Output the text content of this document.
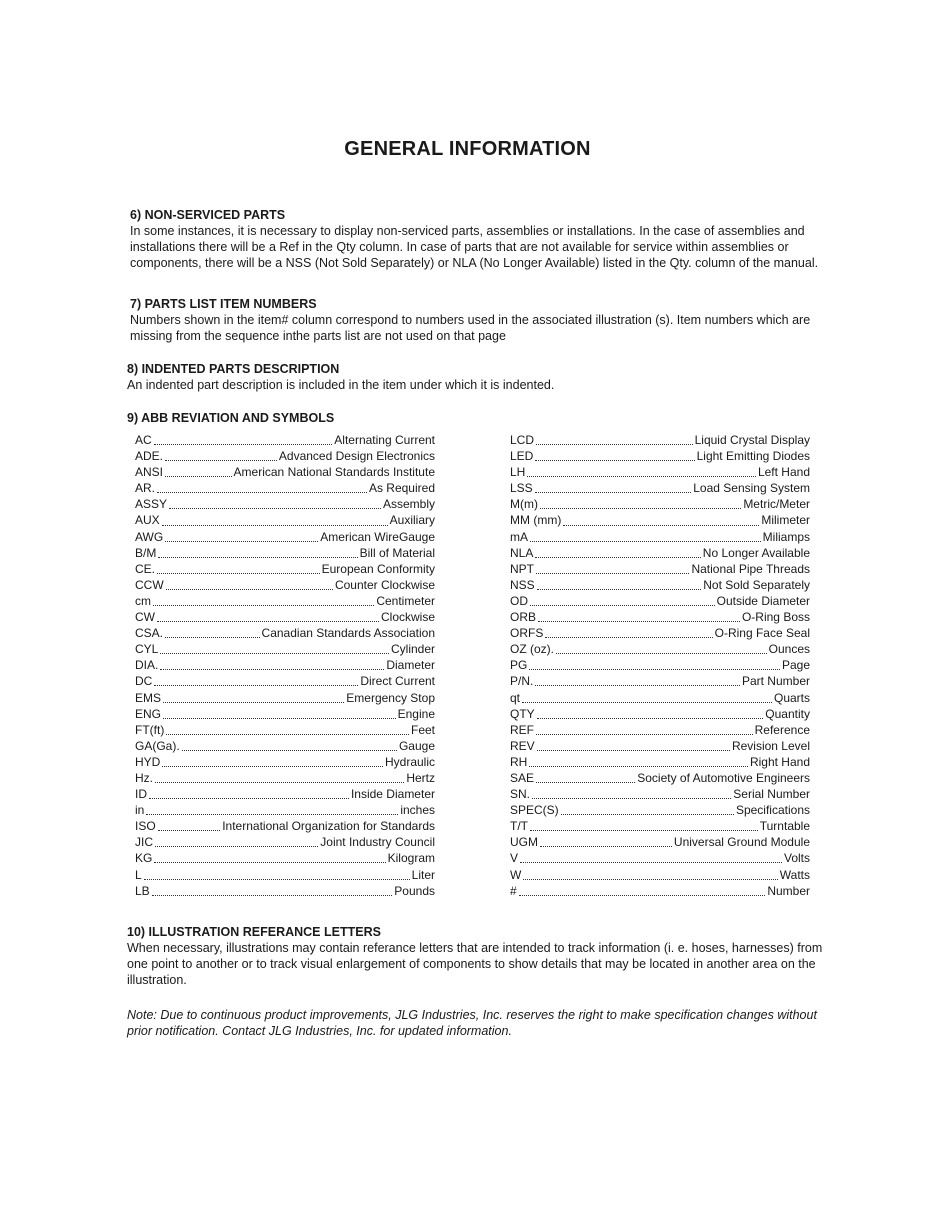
GENERAL INFORMATION
6) NON-SERVICED PARTS

In some instances, it is necessary to display non-serviced parts, assemblies or installations. In the case of assemblies and installations there will be a Ref in the Qty column. In case of parts that are not available for service within assemblies or components, there will be a NSS (Not Sold Separately) or NLA (No Longer Available) listed in the Qty. column of the manual.

7) PARTS LIST ITEM NUMBERS

Numbers shown in the item# column correspond to numbers used in the associated illustration (s). Item numbers which are missing from the sequence inthe parts list are not used on that page

8) INDENTED PARTS DESCRIPTION

An indented part description is included in the item under which it is indented.

9) ABB REVIATION AND SYMBOLS
AC	Alternating Current
ADE.	Advanced Design Electronics
ANSI	American National Standards Institute
AR.	As Required
ASSY	Assembly
AUX	Auxiliary
AWG	American WireGauge
B/M	Bill of Material
CE.	European Conformity
CCW	Counter Clockwise
cm	Centimeter
CW	Clockwise
CSA.	Canadian Standards Association
CYL	Cylinder
DIA.	Diameter
DC	Direct Current
EMS	Emergency Stop
ENG	Engine
FT(ft)	Feet
GA(Ga).	Gauge
HYD	Hydraulic
Hz.	Hertz
ID	Inside Diameter
in	inches
ISO	International Organization for Standards
JIC	Joint Industry Council
KG	Kilogram
L	Liter
LB	Pounds
LCD	Liquid Crystal Display
LED	Light Emitting Diodes
LH	Left Hand
LSS	Load Sensing System
M(m)	Metric/Meter
MM (mm)	Milimeter
mA	Miliamps
NLA	No Longer Available
NPT	National Pipe Threads
NSS	Not Sold Separately
OD	Outside Diameter
ORB	O-Ring Boss
ORFS	O-Ring Face Seal
OZ (oz).	Ounces
PG	Page
P/N.	Part Number
qt	Quarts
QTY	Quantity
REF	Reference
REV	Revision Level
RH	Right Hand
SAE	Society of Automotive Engineers
SN.	Serial Number
SPEC(S)	Specifications
T/T	Turntable
UGM	Universal Ground Module
V	Volts
W	Watts
#	Number
10) ILLUSTRATION REFERANCE LETTERS

When necessary, illustrations may contain referance letters that are intended to track information (i. e. hoses, harnesses) from one point to another or to track visual enlargement of components to show details that may be located in another area on the illustration.

Note: Due to continuous product improvements, JLG Industries, Inc. reserves the right to make specification changes without prior notification. Contact JLG Industries, Inc. for updated information.
